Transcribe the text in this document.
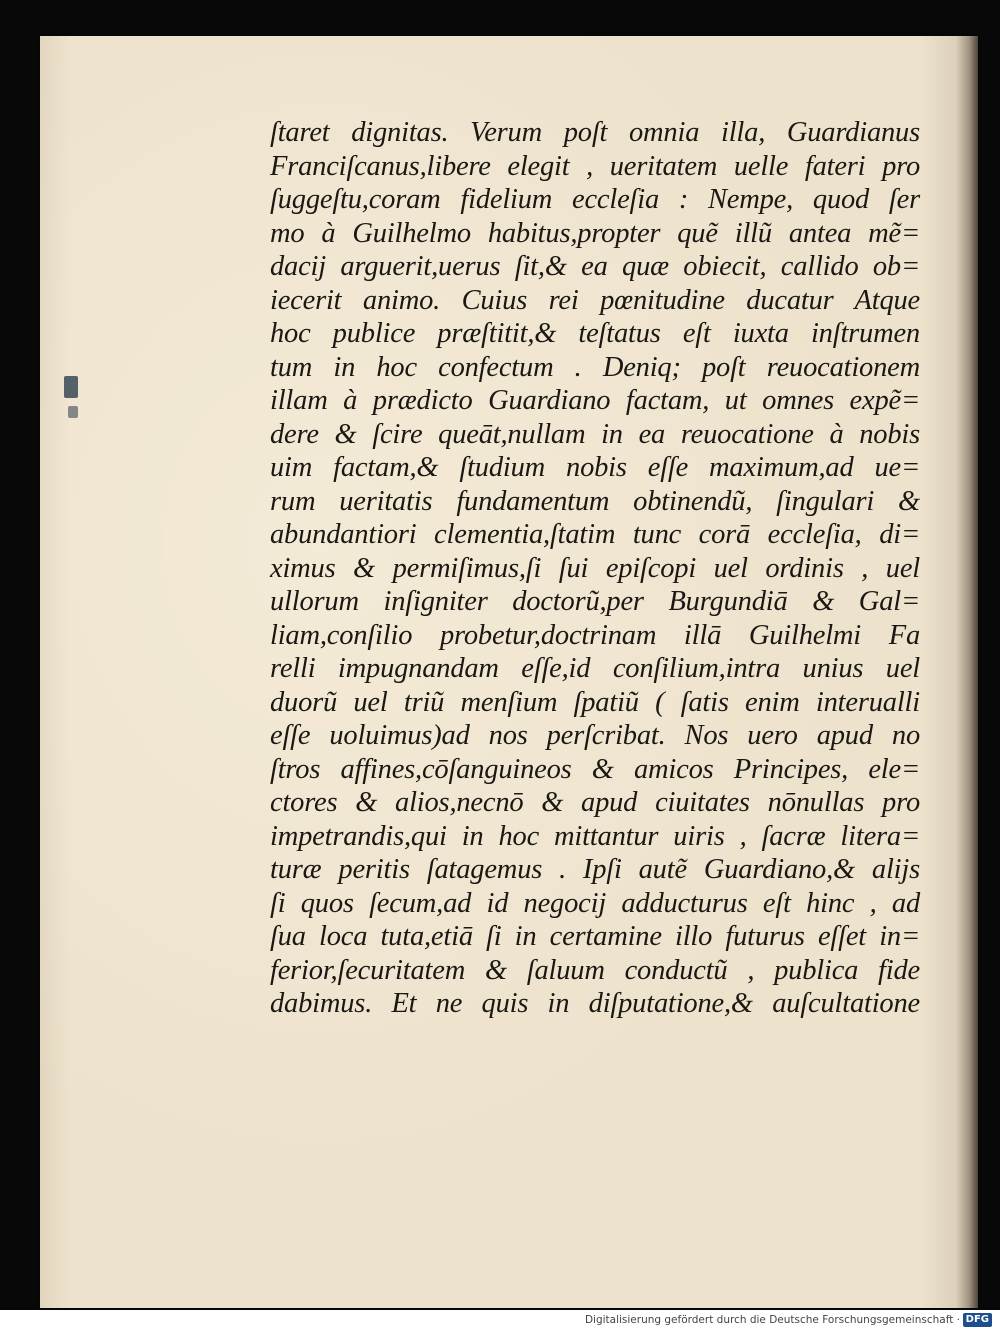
ſtaret dignitas. Verum poſt omnia illa, Guardianus
Franciſcanus,libere elegit , ueritatem uelle fateri pro
ſuggeſtu,coram fidelium eccleſia : Nempe, quod ſer
mo à Guilhelmo habitus,propter quẽ illũ antea mẽ=
dacij arguerit,uerus ſit,& ea quæ obiecit, callido ob=
iecerit animo. Cuius rei pœnitudine ducatur Atque
hoc publice præſtitit,& teſtatus eſt iuxta inſtrumen
tum in hoc confectum . Deniq; poſt reuocationem
illam à prædicto Guardiano factam, ut omnes expẽ=
dere & ſcire queāt,nullam in ea reuocatione à nobis
uim factam,& ſtudium nobis eſſe maximum,ad ue=
rum ueritatis fundamentum obtinendũ, ſingulari &
abundantiori clementia,ſtatim tunc corā eccleſia, di=
ximus & permiſimus,ſi ſui epiſcopi uel ordinis , uel
ullorum inſigniter doctorũ,per Burgundiā & Gal=
liam,conſilio probetur,doctrinam illā Guilhelmi Fa
relli impugnandam eſſe,id conſilium,intra unius uel
duorũ uel triũ menſium ſpatiũ ( ſatis enim interualli
eſſe uoluimus)ad nos perſcribat. Nos uero apud no
ſtros affines,cōſanguineos & amicos Principes, ele=
ctores & alios,necnō & apud ciuitates nōnullas pro
impetrandis,qui in hoc mittantur uiris , ſacræ litera=
turæ peritis ſatagemus . Ipſi autẽ Guardiano,& alijs
ſi quos ſecum,ad id negocij adducturus eſt hinc , ad
ſua loca tuta,etiā ſi in certamine illo futurus eſſet in=
ferior,ſecuritatem & ſaluum conductũ , publica fide
dabimus. Et ne quis in diſputatione,& auſcultatione
Digitalisierung gefördert durch die Deutsche Forschungsgemeinschaft · DFG
